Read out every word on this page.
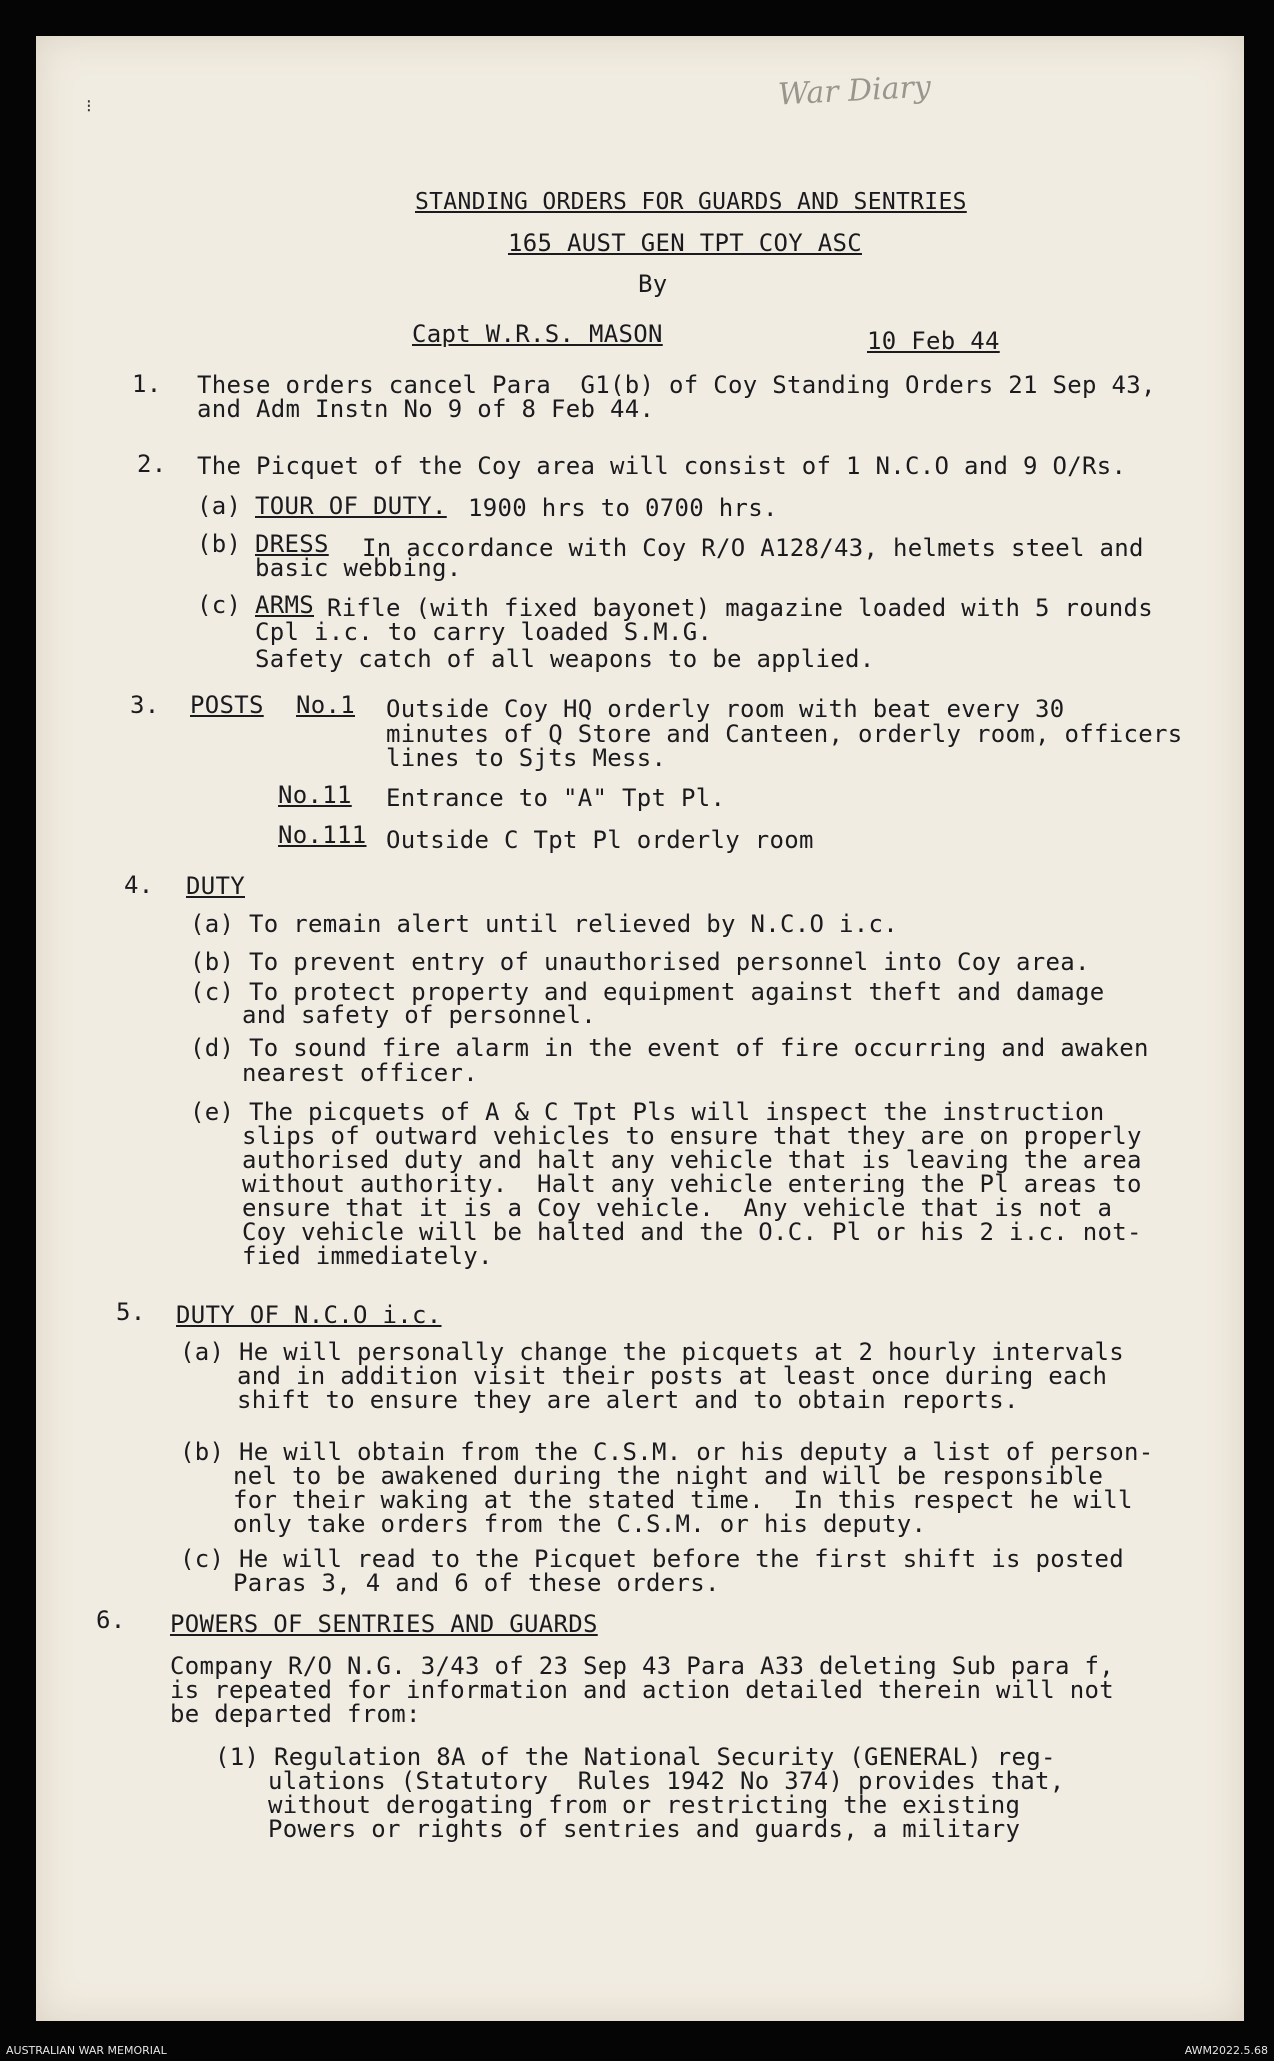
War Diary
⁝
STANDING ORDERS FOR GUARDS AND SENTRIES
165 AUST GEN TPT COY ASC
By
Capt W.R.S. MASON	10 Feb 44
1. These orders cancel Para  G1(b) of Coy Standing Orders 21 Sep 43,
and Adm Instn No 9 of 8 Feb 44.
2. The Picquet of the Coy area will consist of 1 N.C.O and 9 O/Rs.
(a) TOUR OF DUTY. 1900 hrs to 0700 hrs.
(b) DRESS In accordance with Coy R/O A128/43, helmets steel and
basic webbing.
(c) ARMS Rifle (with fixed bayonet) magazine loaded with 5 rounds
Cpl i.c. to carry loaded S.M.G.
Safety catch of all weapons to be applied.
3. POSTS No.1 Outside Coy HQ orderly room with beat every 30
minutes of Q Store and Canteen, orderly room, officers
lines to Sjts Mess.
No.11 Entrance to "A" Tpt Pl.
No.111 Outside C Tpt Pl orderly room
4. DUTY
(a) To remain alert until relieved by N.C.O i.c.
(b) To prevent entry of unauthorised personnel into Coy area.
(c) To protect property and equipment against theft and damage
and safety of personnel.
(d) To sound fire alarm in the event of fire occurring and awaken
nearest officer.
(e) The picquets of A & C Tpt Pls will inspect the instruction
slips of outward vehicles to ensure that they are on properly
authorised duty and halt any vehicle that is leaving the area
without authority.  Halt any vehicle entering the Pl areas to
ensure that it is a Coy vehicle.  Any vehicle that is not a
Coy vehicle will be halted and the O.C. Pl or his 2 i.c. not-
fied immediately.
5. DUTY OF N.C.O i.c.
(a) He will personally change the picquets at 2 hourly intervals
and in addition visit their posts at least once during each
shift to ensure they are alert and to obtain reports.
(b) He will obtain from the C.S.M. or his deputy a list of person-
nel to be awakened during the night and will be responsible
for their waking at the stated time.  In this respect he will
only take orders from the C.S.M. or his deputy.
(c) He will read to the Picquet before the first shift is posted
Paras 3, 4 and 6 of these orders.
6. POWERS OF SENTRIES AND GUARDS
Company R/O N.G. 3/43 of 23 Sep 43 Para A33 deleting Sub para f,
is repeated for information and action detailed therein will not
be departed from:
(1) Regulation 8A of the National Security (GENERAL) reg-
ulations (Statutory  Rules 1942 No 374) provides that,
without derogating from or restricting the existing
Powers or rights of sentries and guards, a military
AUSTRALIAN WAR MEMORIAL	AWM2022.5.68
